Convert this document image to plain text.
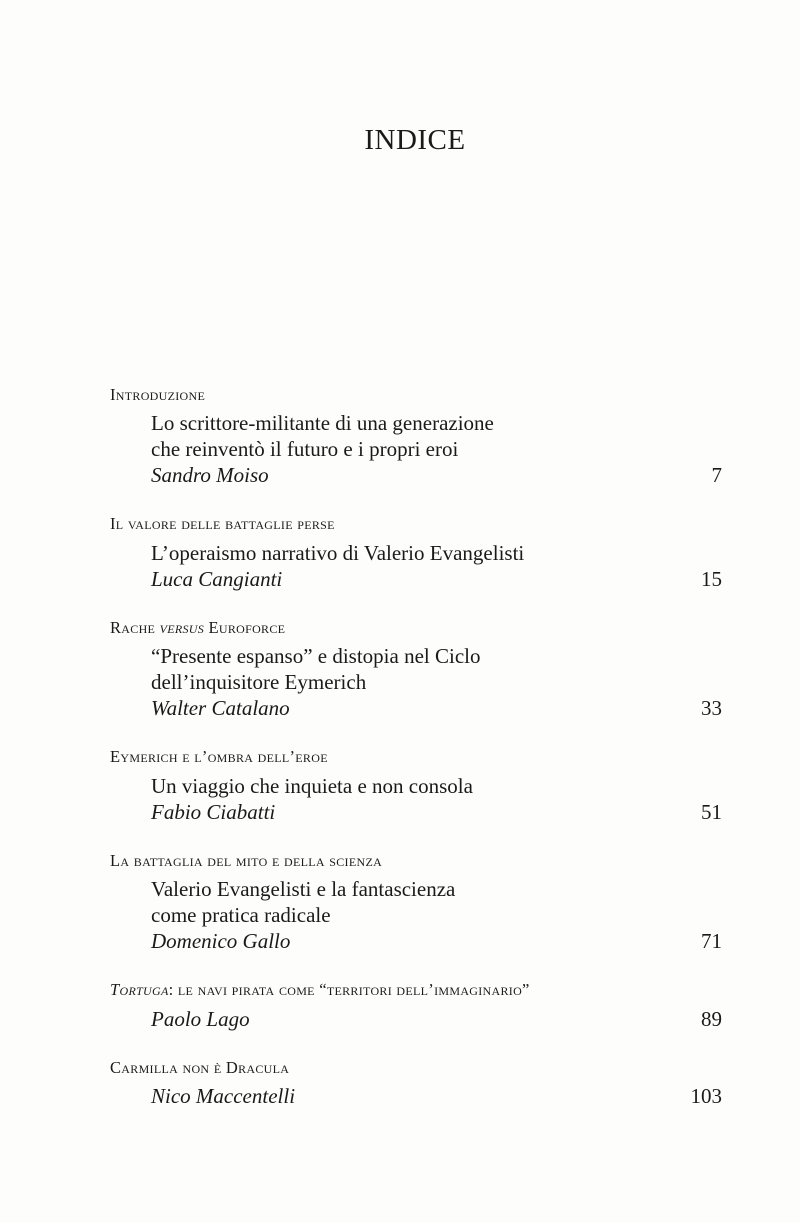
INDICE
Introduzione
Lo scrittore-militante di una generazione
che reinventò il futuro e i propri eroi
Sandro Moiso	7
Il valore delle battaglie perse
L’operaismo narrativo di Valerio Evangelisti
Luca Cangianti	15
Rache versus Euroforce
“Presente espanso” e distopia nel Ciclo
dell’inquisitore Eymerich
Walter Catalano	33
Eymerich e l’ombra dell’eroe
Un viaggio che inquieta e non consola
Fabio Ciabatti	51
La battaglia del mito e della scienza
Valerio Evangelisti e la fantascienza
come pratica radicale
Domenico Gallo	71
Tortuga: le navi pirata come “territori dell’immaginario”
Paolo Lago	89
Carmilla non è Dracula
Nico Maccentelli	103
